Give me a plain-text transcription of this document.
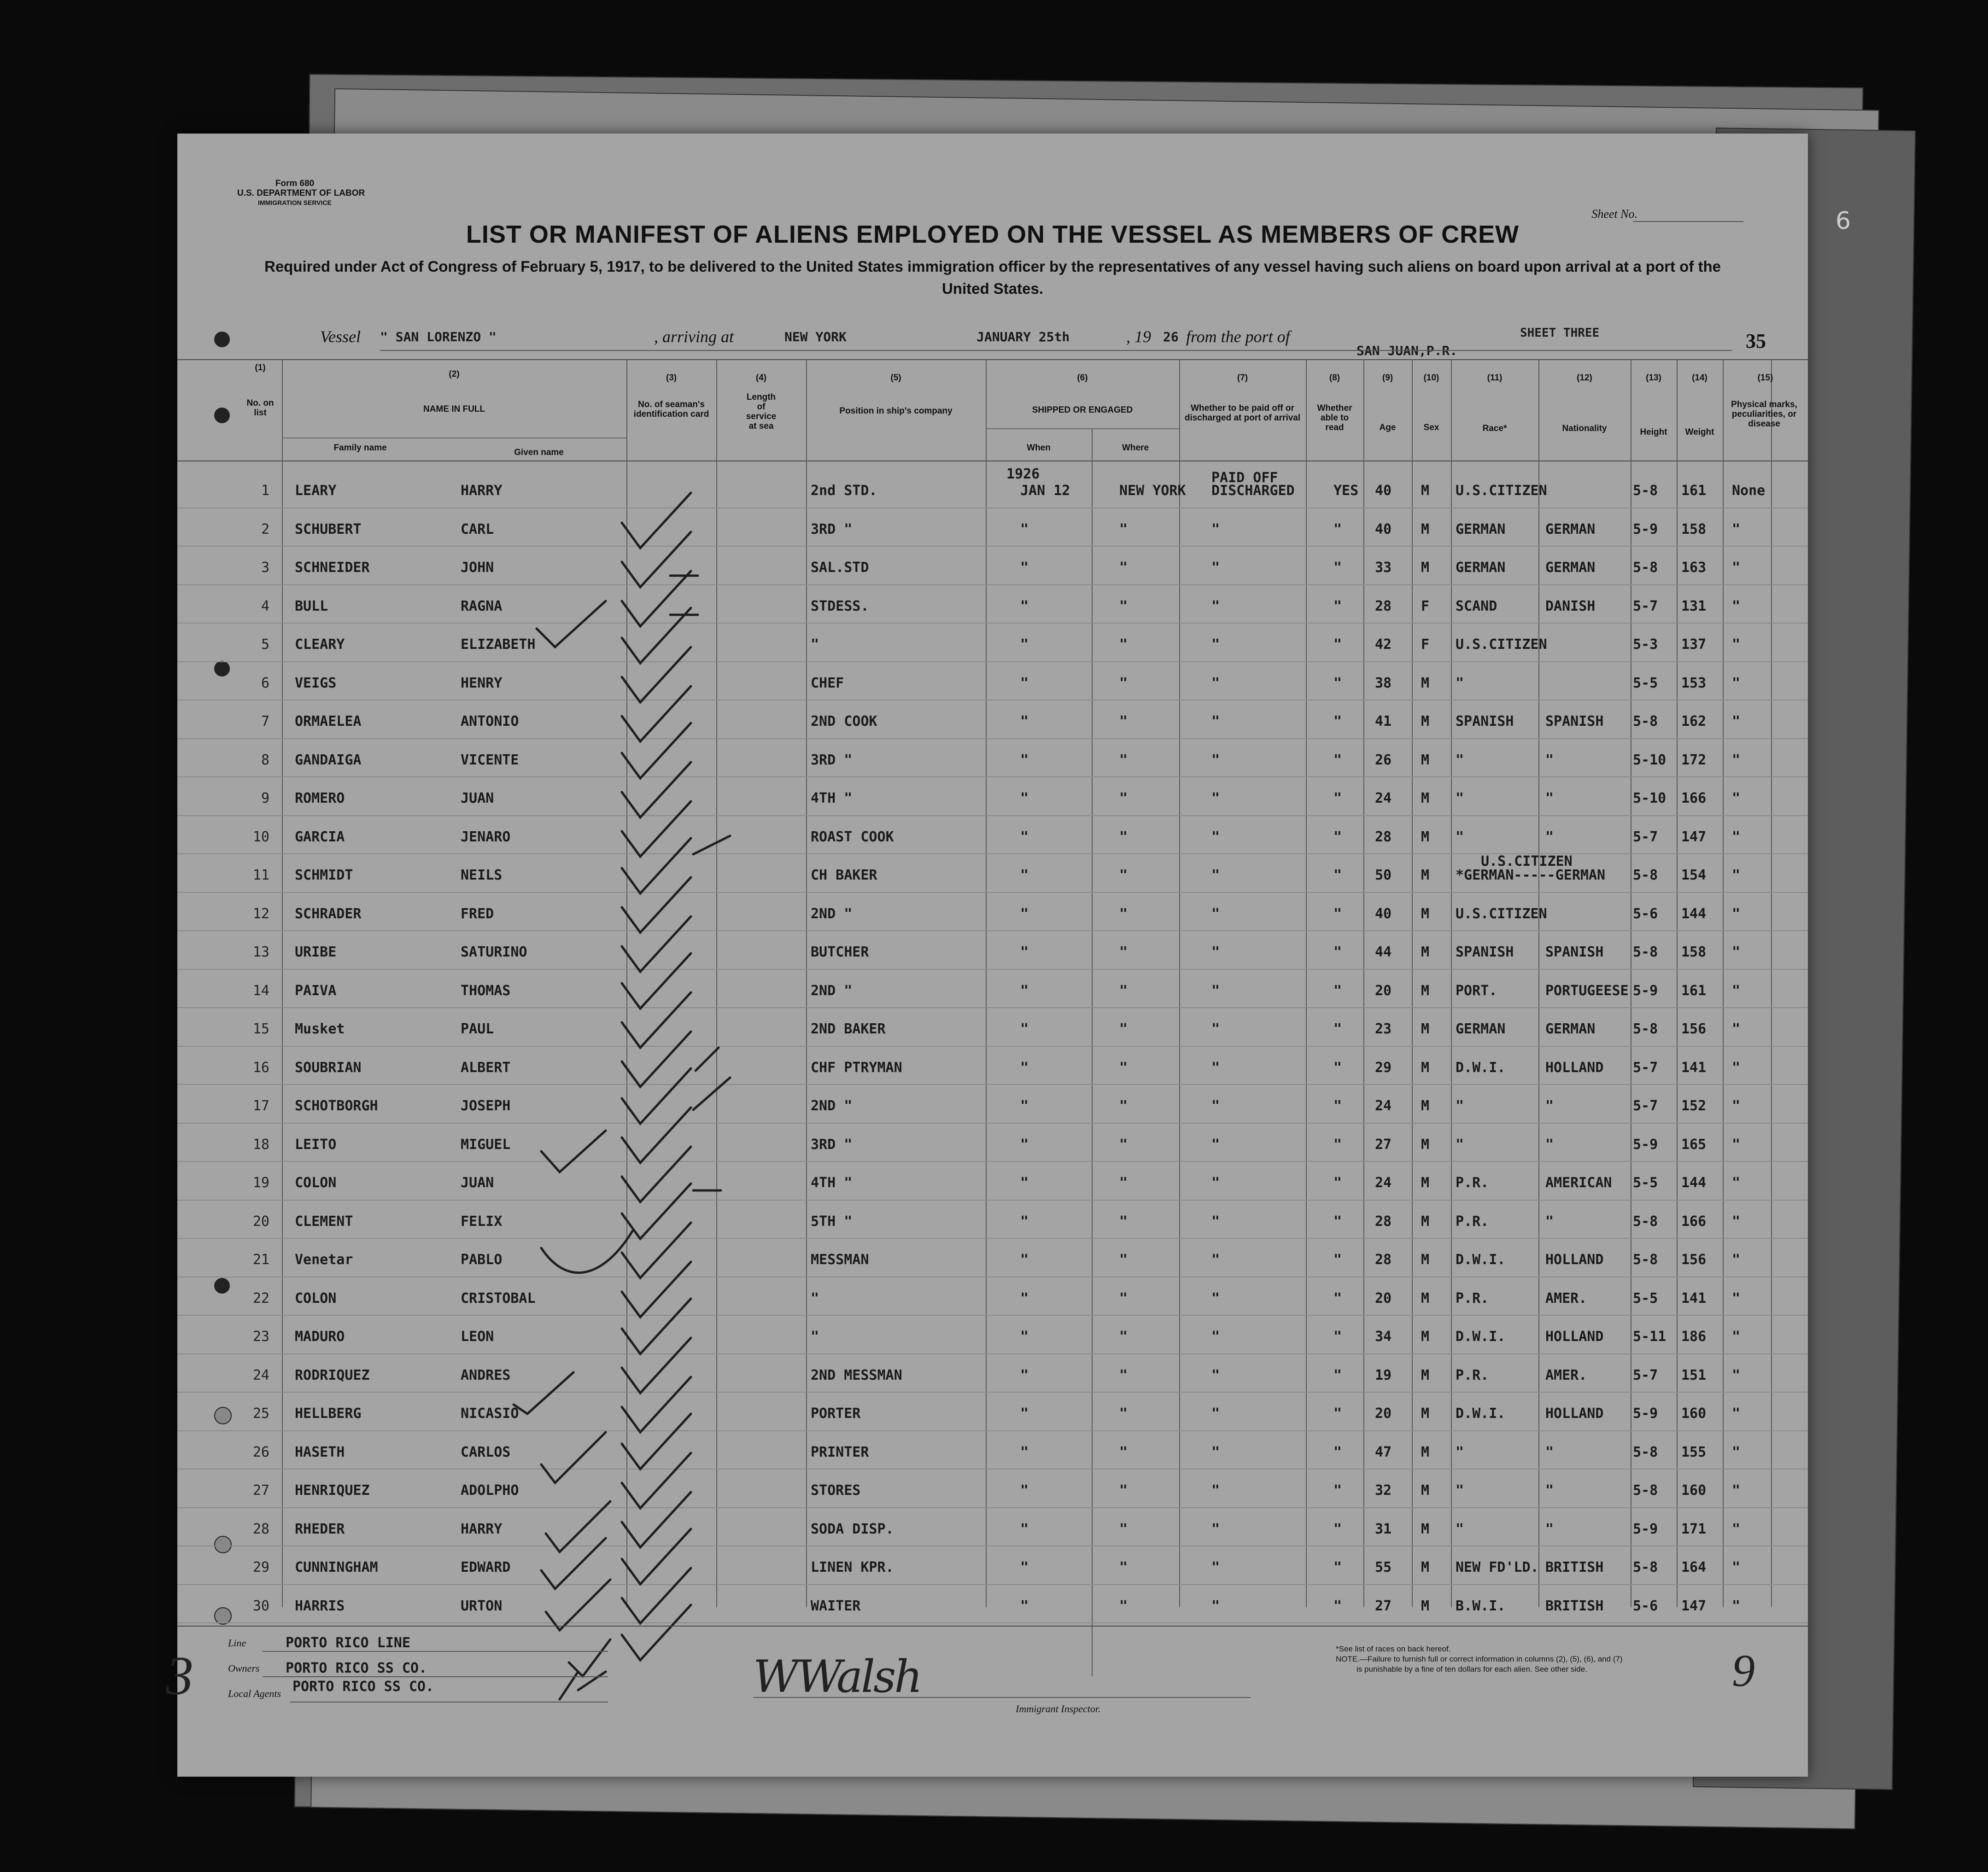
6
Form 680
U.S. DEPARTMENT OF LABOR
IMMIGRATION SERVICE
Sheet No.
LIST OR MANIFEST OF ALIENS EMPLOYED ON THE VESSEL AS MEMBERS OF CREW
Required under Act of Congress of February 5, 1917, to be delivered to the United States immigration officer by the representatives of any vessel having such aliens on board upon arrival at a port of the United States.
Vessel " SAN LORENZO "	, arriving at	NEW YORK	JANUARY 25th	, 19 26 from the port of
SAN JUAN,P.R.
SHEET THREE	35
(1)
No. on list
(2)
NAME IN FULL
Family name	Given name
(3)
No. of seaman's identification card
(4)
Length of service at sea
(5)
Position in ship's company
(6)
SHIPPED OR ENGAGED
When	Where
(7)
Whether to be paid off or discharged at port of arrival
(8)
Whether able to read
(9)
Age
(10)
Sex
(11)
Race*
(12)
Nationality
(13)
Height
(14)
Weight
(15)
Physical marks, peculiarities, or disease
1 LEARY	HARRY	2nd STD.	JAN 12	NEW YORK DISCHARGED	YES 40 M U.S.CITIZEN	5-8 161 None
1926	PAID OFF
2 SCHUBERT	CARL	3RD "	"	"	"	" 40 M GERMAN	GERMAN	5-9 158 "
3 SCHNEIDER	JOHN	SAL.STD	"	"	"	" 33 M GERMAN	GERMAN	5-8 163 "
4 BULL	RAGNA	STDESS.	"	"	"	" 28 F SCAND	DANISH	5-7 131 "
5 CLEARY	ELIZABETH	"	"	"	"	" 42 F U.S.CITIZEN	5-3 137 "
6 VEIGS	HENRY	CHEF	"	"	"	" 38 M "	5-5 153 "
7 ORMAELEA	ANTONIO	2ND COOK	"	"	"	" 41 M SPANISH SPANISH 5-8 162 "
8 GANDAIGA	VICENTE	3RD "	"	"	"	" 26 M "	"	5-10 172 "
9 ROMERO	JUAN	4TH "	"	"	"	" 24 M "	"	5-10 166 "
10 GARCIA	JENARO	ROAST COOK	"	"	"	" 28 M "	"	5-7 147 "
11 SCHMIDT	NEILS	CH BAKER	"	"	"	" 50 M *GERMAN-----GERMAN 5-8 154 "
U.S.CITIZEN
12 SCHRADER	FRED	2ND "	"	"	"	" 40 M U.S.CITIZEN	5-6 144 "
13 URIBE	SATURINO	BUTCHER	"	"	"	" 44 M SPANISH SPANISH 5-8 158 "
14 PAIVA	THOMAS	2ND "	"	"	"	" 20 M PORT.	PORTUGEESE 5-9 161 "
15 Musket	PAUL	2ND BAKER	"	"	"	" 23 M GERMAN	GERMAN	5-8 156 "
16 SOUBRIAN	ALBERT	CHF PTRYMAN	"	"	"	" 29 M D.W.I.	HOLLAND 5-7 141 "
17 SCHOTBORGH	JOSEPH	2ND "	"	"	"	" 24 M "	"	5-7 152 "
18 LEITO	MIGUEL	3RD "	"	"	"	" 27 M "	"	5-9 165 "
19 COLON	JUAN	4TH "	"	"	"	" 24 M P.R.	AMERICAN 5-5 144 "
20 CLEMENT	FELIX	5TH "	"	"	"	" 28 M P.R.	"	5-8 166 "
21 Venetar	PABLO	MESSMAN	"	"	"	" 28 M D.W.I.	HOLLAND 5-8 156 "
22 COLON	CRISTOBAL	"	"	"	"	" 20 M P.R.	AMER.	5-5 141 "
23 MADURO	LEON	"	"	"	"	" 34 M D.W.I.	HOLLAND 5-11 186 "
24 RODRIQUEZ	ANDRES	2ND MESSMAN	"	"	"	" 19 M P.R.	AMER.	5-7 151 "
25 HELLBERG	NICASIO	PORTER	"	"	"	" 20 M D.W.I.	HOLLAND 5-9 160 "
26 HASETH	CARLOS	PRINTER	"	"	"	" 47 M "	"	5-8 155 "
27 HENRIQUEZ	ADOLPHO	STORES	"	"	"	" 32 M "	"	5-8 160 "
28 RHEDER	HARRY	SODA DISP.	"	"	"	" 31 M "	"	5-9 171 "
29 CUNNINGHAM	EDWARD	LINEN KPR.	"	"	"	" 55 M NEW FD'LD. BRITISH 5-8 164 "
30 HARRIS	URTON	WAITER	"	"	"	" 27 M B.W.I.	BRITISH 5-6 147 "
Line	PORTO RICO LINE
Owners PORTO RICO SS CO.
Local Agents PORTO RICO SS CO.
3	WWalsh
Immigrant Inspector.
*See list of races on back hereof.
NOTE.—Failure to furnish full or correct information in columns (2), (5), (6), and (7)
is punishable by a fine of ten dollars for each alien. See other side.	9
